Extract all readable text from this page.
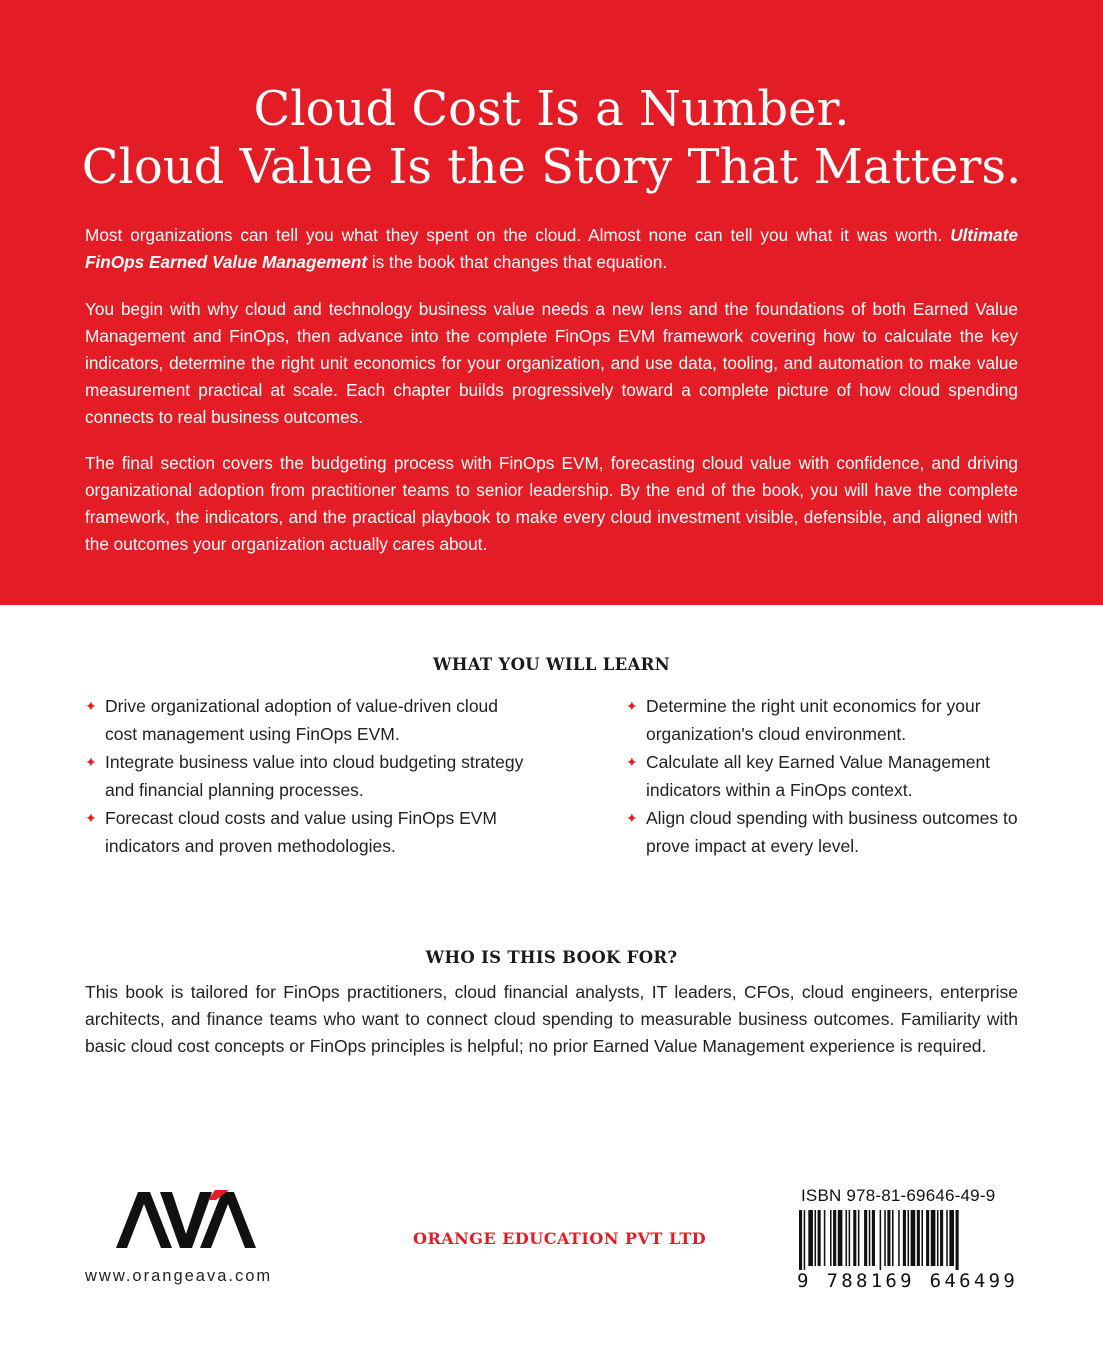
Cloud Cost Is a Number.
Cloud Value Is the Story That Matters.

Most organizations can tell you what they spent on the cloud. Almost none can tell you what it was worth. Ultimate FinOps Earned Value Management is the book that changes that equation.

You begin with why cloud and technology business value needs a new lens and the foundations of both Earned Value Management and FinOps, then advance into the complete FinOps EVM framework covering how to calculate the key indicators, determine the right unit economics for your organization, and use data, tooling, and automation to make value measurement practical at scale. Each chapter builds progressively toward a complete picture of how cloud spending connects to real business outcomes.

The final section covers the budgeting process with FinOps EVM, forecasting cloud value with confidence, and driving organizational adoption from practitioner teams to senior leadership. By the end of the book, you will have the complete framework, the indicators, and the practical playbook to make every cloud investment visible, defensible, and aligned with the outcomes your organization actually cares about.

WHAT YOU WILL LEARN
✦ Drive organizational adoption of value-driven cloud cost management using FinOps EVM.
✦ Integrate business value into cloud budgeting strategy and financial planning processes.
✦ Forecast cloud costs and value using FinOps EVM indicators and proven methodologies.
✦ Determine the right unit economics for your organization's cloud environment.
✦ Calculate all key Earned Value Management indicators within a FinOps context.
✦ Align cloud spending with business outcomes to prove impact at every level.
WHO IS THIS BOOK FOR?

This book is tailored for FinOps practitioners, cloud financial analysts, IT leaders, CFOs, cloud engineers, enterprise architects, and finance teams who want to connect cloud spending to measurable business outcomes. Familiarity with basic cloud cost concepts or FinOps principles is helpful; no prior Earned Value Management experience is required.

www.orangeava.com
ORANGE EDUCATION PVT LTD
ISBN 978-81-69646-49-9
9 788169 646499
